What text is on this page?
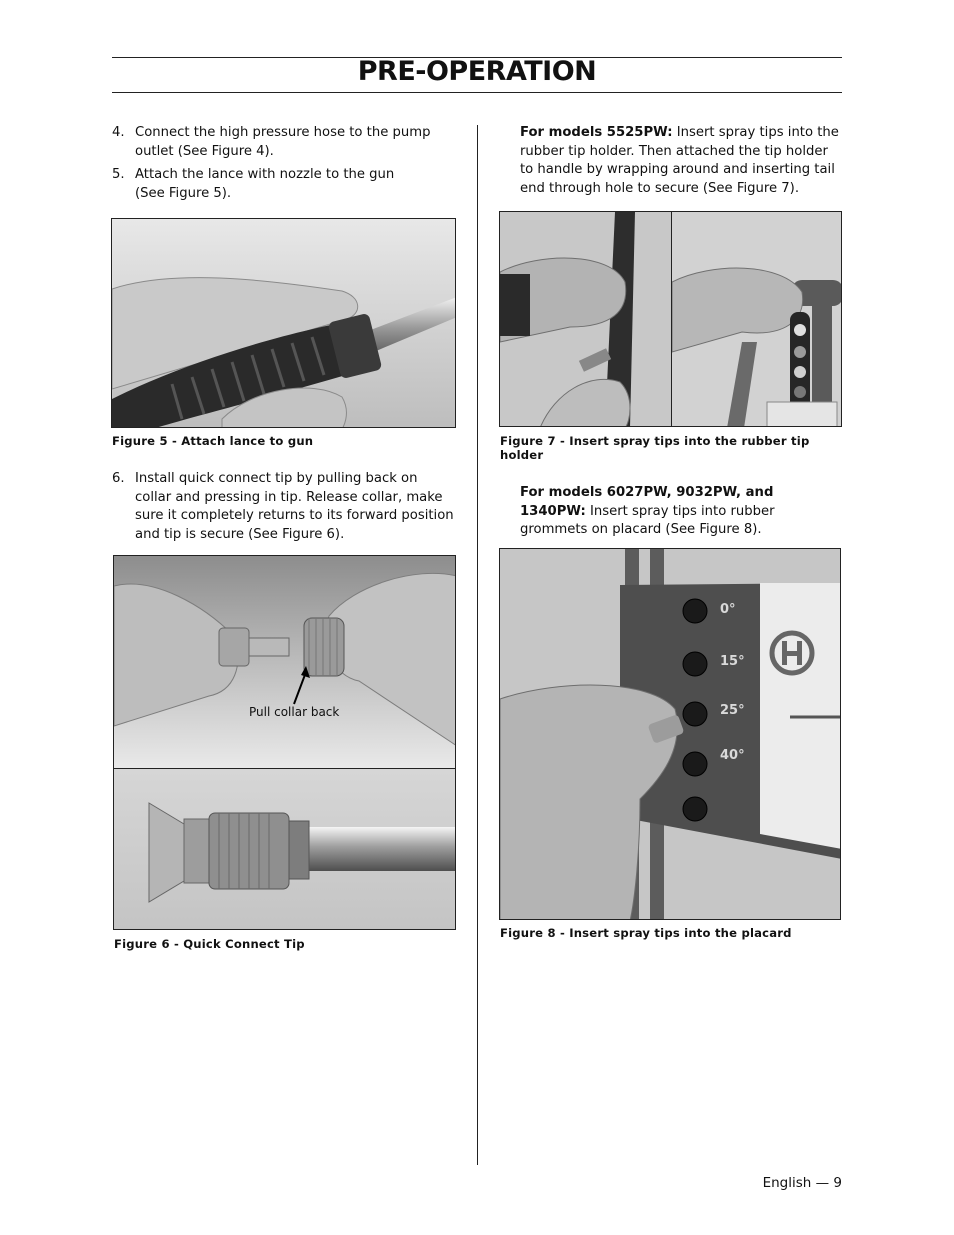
PRE-OPERATION
4. Connect the high pressure hose to the pump outlet (See Figure 4).
5. Attach the lance with nozzle to the gun (See Figure 5).
Figure 5 - Attach lance to gun
6. Install quick connect tip by pulling back on collar and pressing in tip. Release collar, make sure it completely returns to its forward position and tip is secure (See Figure 6).
Pull collar back
Figure 6 - Quick Connect Tip
For models 5525PW: Insert spray tips into the rubber tip holder. Then attached the tip holder to handle by wrapping around and inserting tail end through hole to secure (See Figure 7).
Figure 7 - Insert spray tips into the rubber tip holder
For models 6027PW, 9032PW, and 1340PW: Insert spray tips into rubber grommets on placard (See Figure 8).
0°
15°
25°
40°
Figure 8 - Insert spray tips into the placard
English — 9
